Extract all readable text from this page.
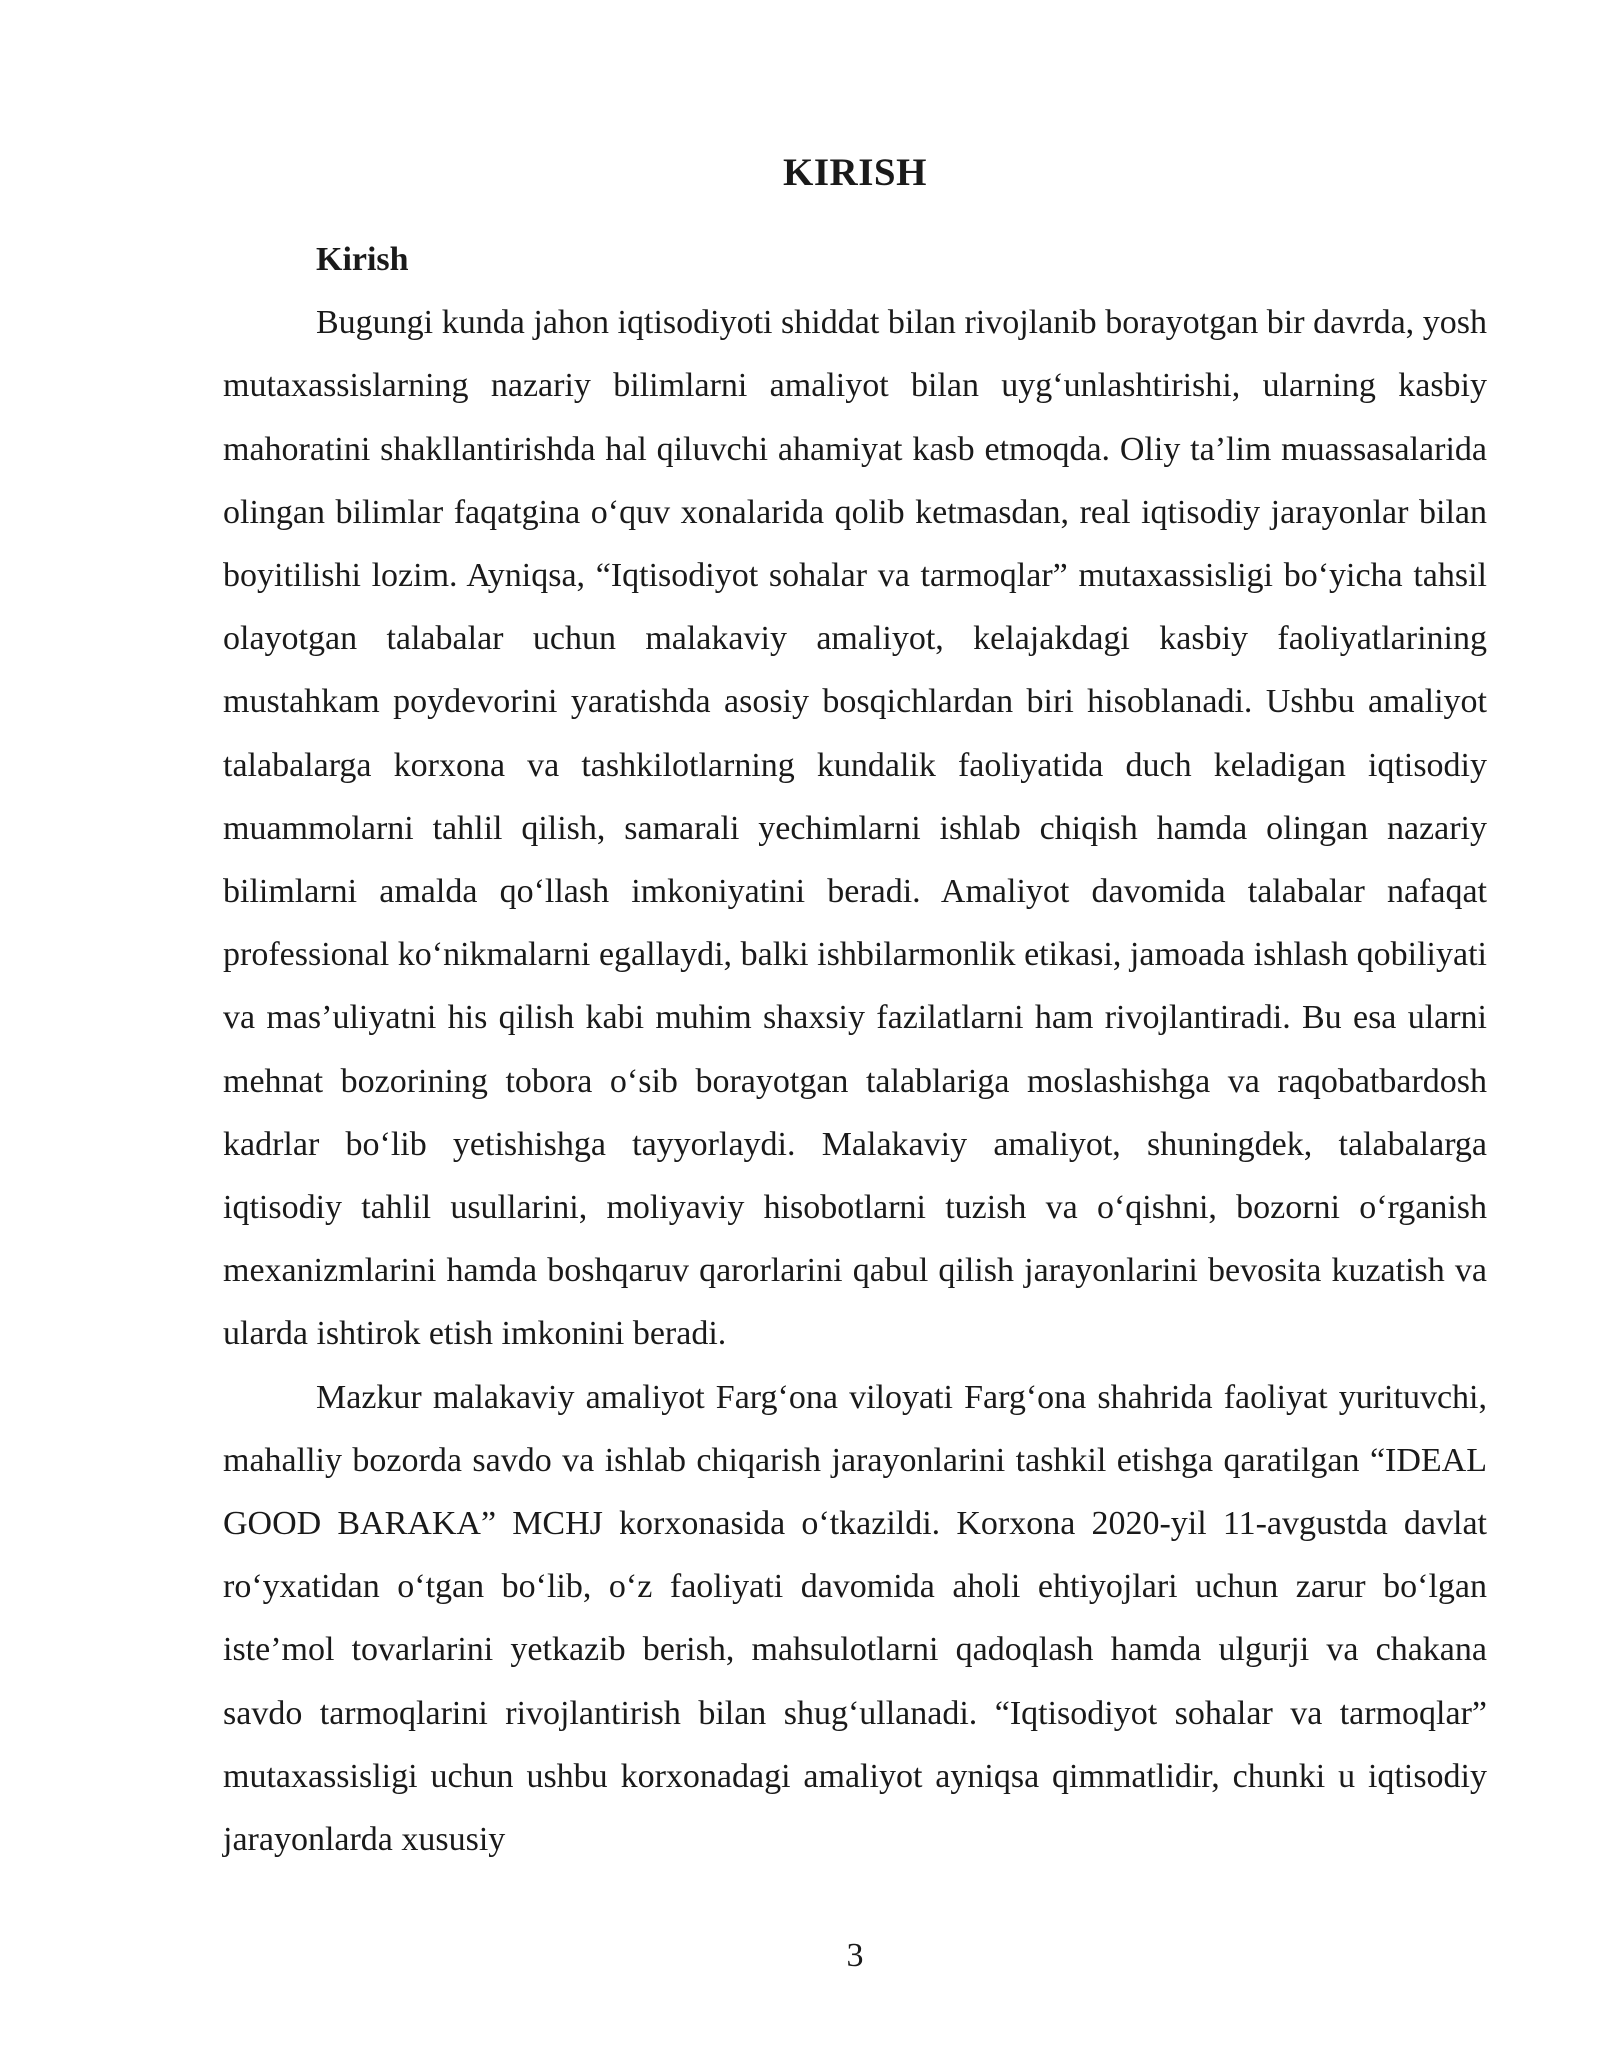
KIRISH

Kirish

Bugungi kunda jahon iqtisodiyoti shiddat bilan rivojlanib borayotgan bir davrda, yosh mutaxassislarning nazariy bilimlarni amaliyot bilan uyg‘unlashtirishi, ularning kasbiy mahoratini shakllantirishda hal qiluvchi ahamiyat kasb etmoqda. Oliy ta’lim muassasalarida olingan bilimlar faqatgina o‘quv xonalarida qolib ketmasdan, real iqtisodiy jarayonlar bilan boyitilishi lozim. Ayniqsa, “Iqtisodiyot sohalar va tarmoqlar” mutaxassisligi bo‘yicha tahsil olayotgan talabalar uchun malakaviy amaliyot, kelajakdagi kasbiy faoliyatlarining mustahkam poydevorini yaratishda asosiy bosqichlardan biri hisoblanadi. Ushbu amaliyot talabalarga korxona va tashkilotlarning kundalik faoliyatida duch keladigan iqtisodiy muammolarni tahlil qilish, samarali yechimlarni ishlab chiqish hamda olingan nazariy bilimlarni amalda qo‘llash imkoniyatini beradi. Amaliyot davomida talabalar nafaqat professional ko‘nikmalarni egallaydi, balki ishbilarmonlik etikasi, jamoada ishlash qobiliyati va mas’uliyatni his qilish kabi muhim shaxsiy fazilatlarni ham rivojlantiradi. Bu esa ularni mehnat bozorining tobora o‘sib borayotgan talablariga moslashishga va raqobatbardosh kadrlar bo‘lib yetishishga tayyorlaydi. Malakaviy amaliyot, shuningdek, talabalarga iqtisodiy tahlil usullarini, moliyaviy hisobotlarni tuzish va o‘qishni, bozorni o‘rganish mexanizmlarini hamda boshqaruv qarorlarini qabul qilish jarayonlarini bevosita kuzatish va ularda ishtirok etish imkonini beradi.

Mazkur malakaviy amaliyot Farg‘ona viloyati Farg‘ona shahrida faoliyat yurituvchi, mahalliy bozorda savdo va ishlab chiqarish jarayonlarini tashkil etishga qaratilgan “IDEAL GOOD BARAKA” MCHJ korxonasida o‘tkazildi. Korxona 2020-yil 11-avgustda davlat ro‘yxatidan o‘tgan bo‘lib, o‘z faoliyati davomida aholi ehtiyojlari uchun zarur bo‘lgan iste’mol tovarlarini yetkazib berish, mahsulotlarni qadoqlash hamda ulgurji va chakana savdo tarmoqlarini rivojlantirish bilan shug‘ullanadi. “Iqtisodiyot sohalar va tarmoqlar” mutaxassisligi uchun ushbu korxonadagi amaliyot ayniqsa qimmatlidir, chunki u iqtisodiy jarayonlarda xususiy

3
